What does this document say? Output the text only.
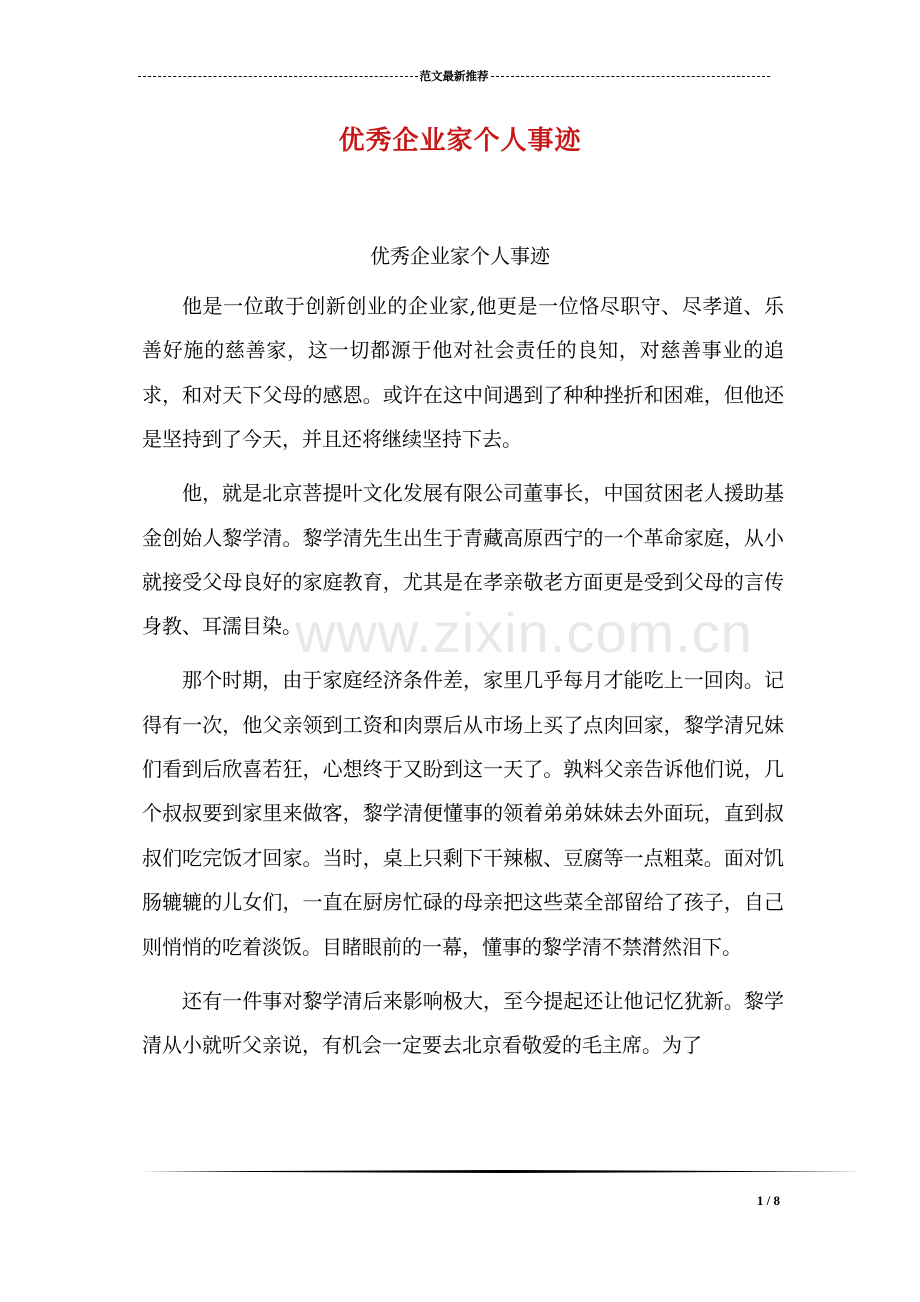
范文最新推荐
优秀企业家个人事迹
优秀企业家个人事迹

他是一位敢于创新创业的企业家,他更是一位恪尽职守、尽孝道、乐善好施的慈善家，这一切都源于他对社会责任的良知，对慈善事业的追求，和对天下父母的感恩。或许在这中间遇到了种种挫折和困难，但他还是坚持到了今天，并且还将继续坚持下去。

他，就是北京菩提叶文化发展有限公司董事长，中国贫困老人援助基金创始人黎学清。黎学清先生出生于青藏高原西宁的一个革命家庭，从小就接受父母良好的家庭教育，尤其是在孝亲敬老方面更是受到父母的言传身教、耳濡目染。

那个时期，由于家庭经济条件差，家里几乎每月才能吃上一回肉。记得有一次，他父亲领到工资和肉票后从市场上买了点肉回家，黎学清兄妹们看到后欣喜若狂，心想终于又盼到这一天了。孰料父亲告诉他们说，几个叔叔要到家里来做客，黎学清便懂事的领着弟弟妹妹去外面玩，直到叔叔们吃完饭才回家。当时，桌上只剩下干辣椒、豆腐等一点粗菜。面对饥肠辘辘的儿女们，一直在厨房忙碌的母亲把这些菜全部留给了孩子，自己则悄悄的吃着淡饭。目睹眼前的一幕，懂事的黎学清不禁潸然泪下。

还有一件事对黎学清后来影响极大，至今提起还让他记忆犹新。黎学清从小就听父亲说，有机会一定要去北京看敬爱的毛主席。为了

www.zixin.com.cn
1 / 8
